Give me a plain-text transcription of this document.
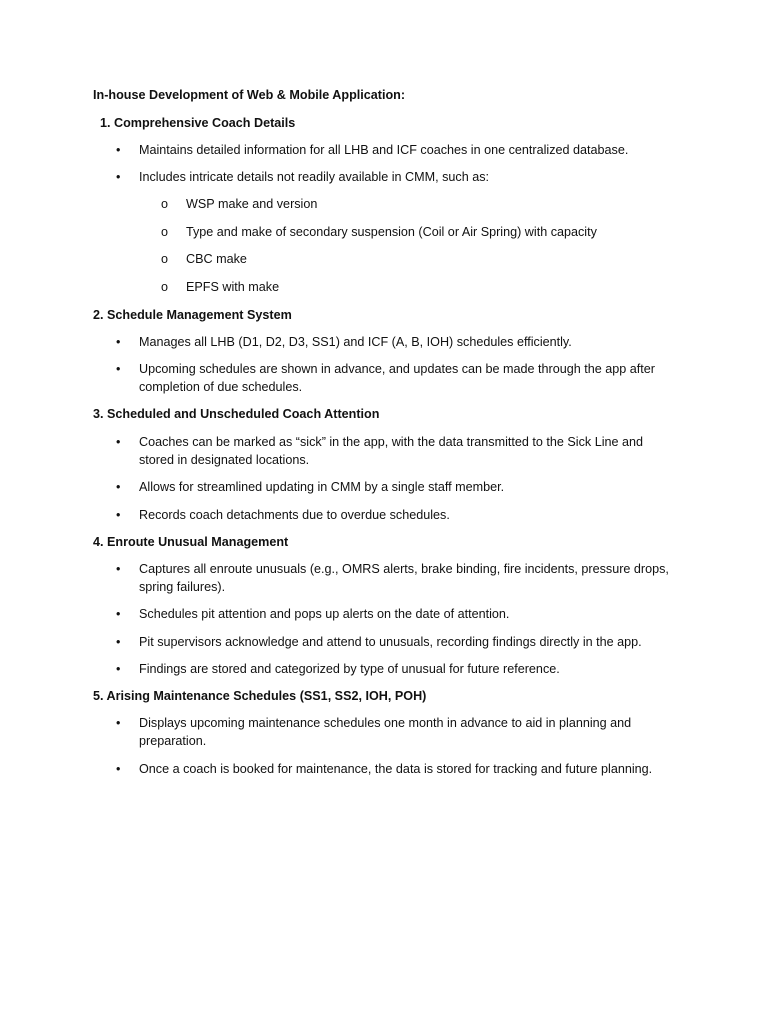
In-house Development of Web & Mobile Application:
1. Comprehensive Coach Details
• Maintains detailed information for all LHB and ICF coaches in one centralized database.
• Includes intricate details not readily available in CMM, such as:
o WSP make and version
o Type and make of secondary suspension (Coil or Air Spring) with capacity
o CBC make
o EPFS with make
2. Schedule Management System
• Manages all LHB (D1, D2, D3, SS1) and ICF (A, B, IOH) schedules efficiently.
• Upcoming schedules are shown in advance, and updates can be made through the app after completion of due schedules.
3. Scheduled and Unscheduled Coach Attention
• Coaches can be marked as “sick” in the app, with the data transmitted to the Sick Line and stored in designated locations.
• Allows for streamlined updating in CMM by a single staff member.
• Records coach detachments due to overdue schedules.
4. Enroute Unusual Management
• Captures all enroute unusuals (e.g., OMRS alerts, brake binding, fire incidents, pressure drops, spring failures).
• Schedules pit attention and pops up alerts on the date of attention.
• Pit supervisors acknowledge and attend to unusuals, recording findings directly in the app.
• Findings are stored and categorized by type of unusual for future reference.
5. Arising Maintenance Schedules (SS1, SS2, IOH, POH)
• Displays upcoming maintenance schedules one month in advance to aid in planning and preparation.
• Once a coach is booked for maintenance, the data is stored for tracking and future planning.
